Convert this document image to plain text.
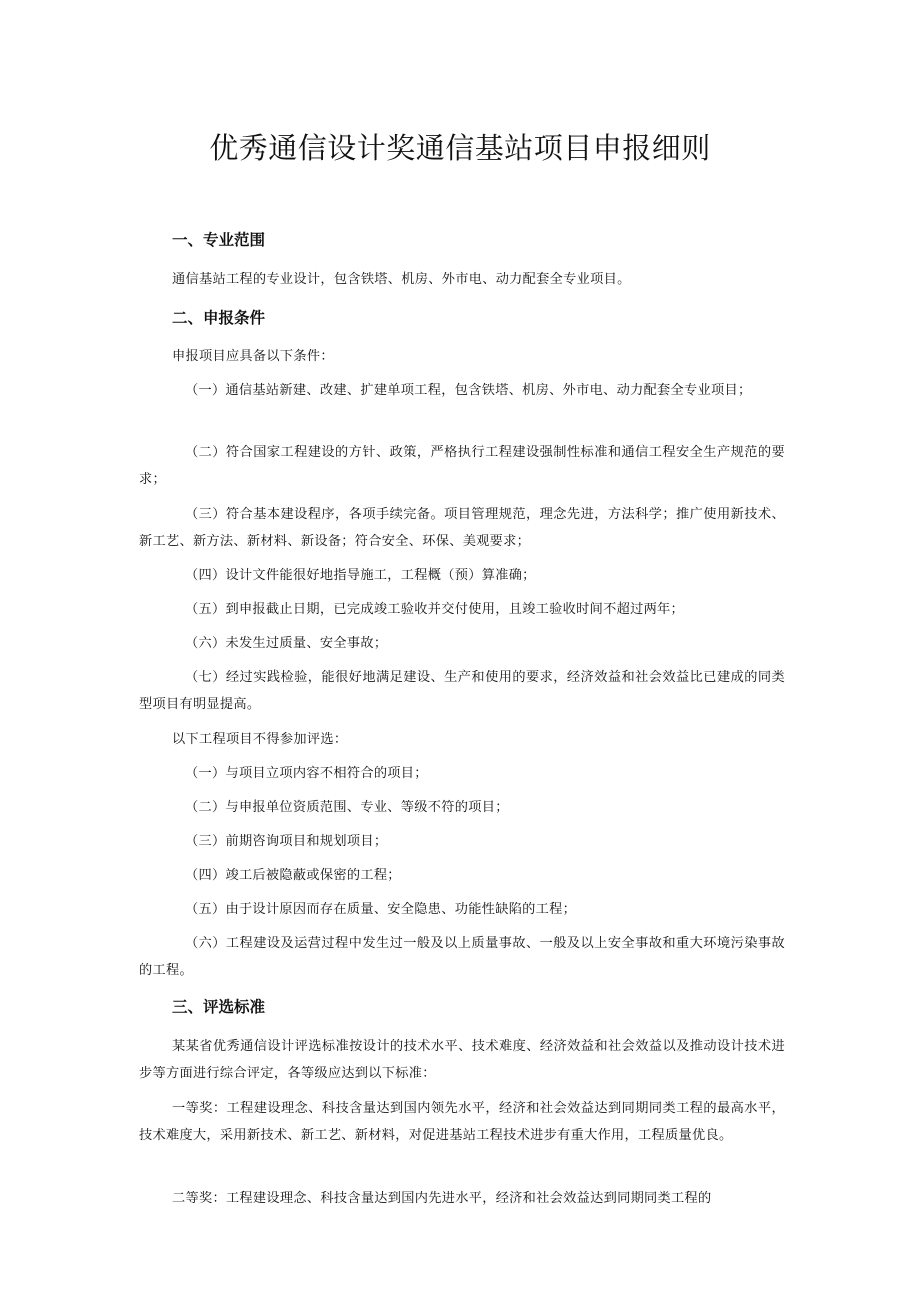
优秀通信设计奖通信基站项目申报细则
一、专业范围

通信基站工程的专业设计，包含铁塔、机房、外市电、动力配套全专业项目。

二、申报条件

申报项目应具备以下条件：

（一）通信基站新建、改建、扩建单项工程，包含铁塔、机房、外市电、动力配套全专业项目；

（二）符合国家工程建设的方针、政策，严格执行工程建设强制性标准和通信工程安全生产规范的要求；

（三）符合基本建设程序，各项手续完备。项目管理规范，理念先进，方法科学；推广使用新技术、新工艺、新方法、新材料、新设备；符合安全、环保、美观要求；

（四）设计文件能很好地指导施工，工程概（预）算准确；

（五）到申报截止日期，已完成竣工验收并交付使用，且竣工验收时间不超过两年；

（六）未发生过质量、安全事故；

（七）经过实践检验，能很好地满足建设、生产和使用的要求，经济效益和社会效益比已建成的同类型项目有明显提高。

以下工程项目不得参加评选：

（一）与项目立项内容不相符合的项目；

（二）与申报单位资质范围、专业、等级不符的项目；

（三）前期咨询项目和规划项目；

（四）竣工后被隐蔽或保密的工程；

（五）由于设计原因而存在质量、安全隐患、功能性缺陷的工程；

（六）工程建设及运营过程中发生过一般及以上质量事故、一般及以上安全事故和重大环境污染事故的工程。

三、评选标准

某某省优秀通信设计评选标准按设计的技术水平、技术难度、经济效益和社会效益以及推动设计技术进步等方面进行综合评定，各等级应达到以下标准：

一等奖：工程建设理念、科技含量达到国内领先水平，经济和社会效益达到同期同类工程的最高水平，技术难度大，采用新技术、新工艺、新材料，对促进基站工程技术进步有重大作用，工程质量优良。

二等奖：工程建设理念、科技含量达到国内先进水平，经济和社会效益达到同期同类工程的
